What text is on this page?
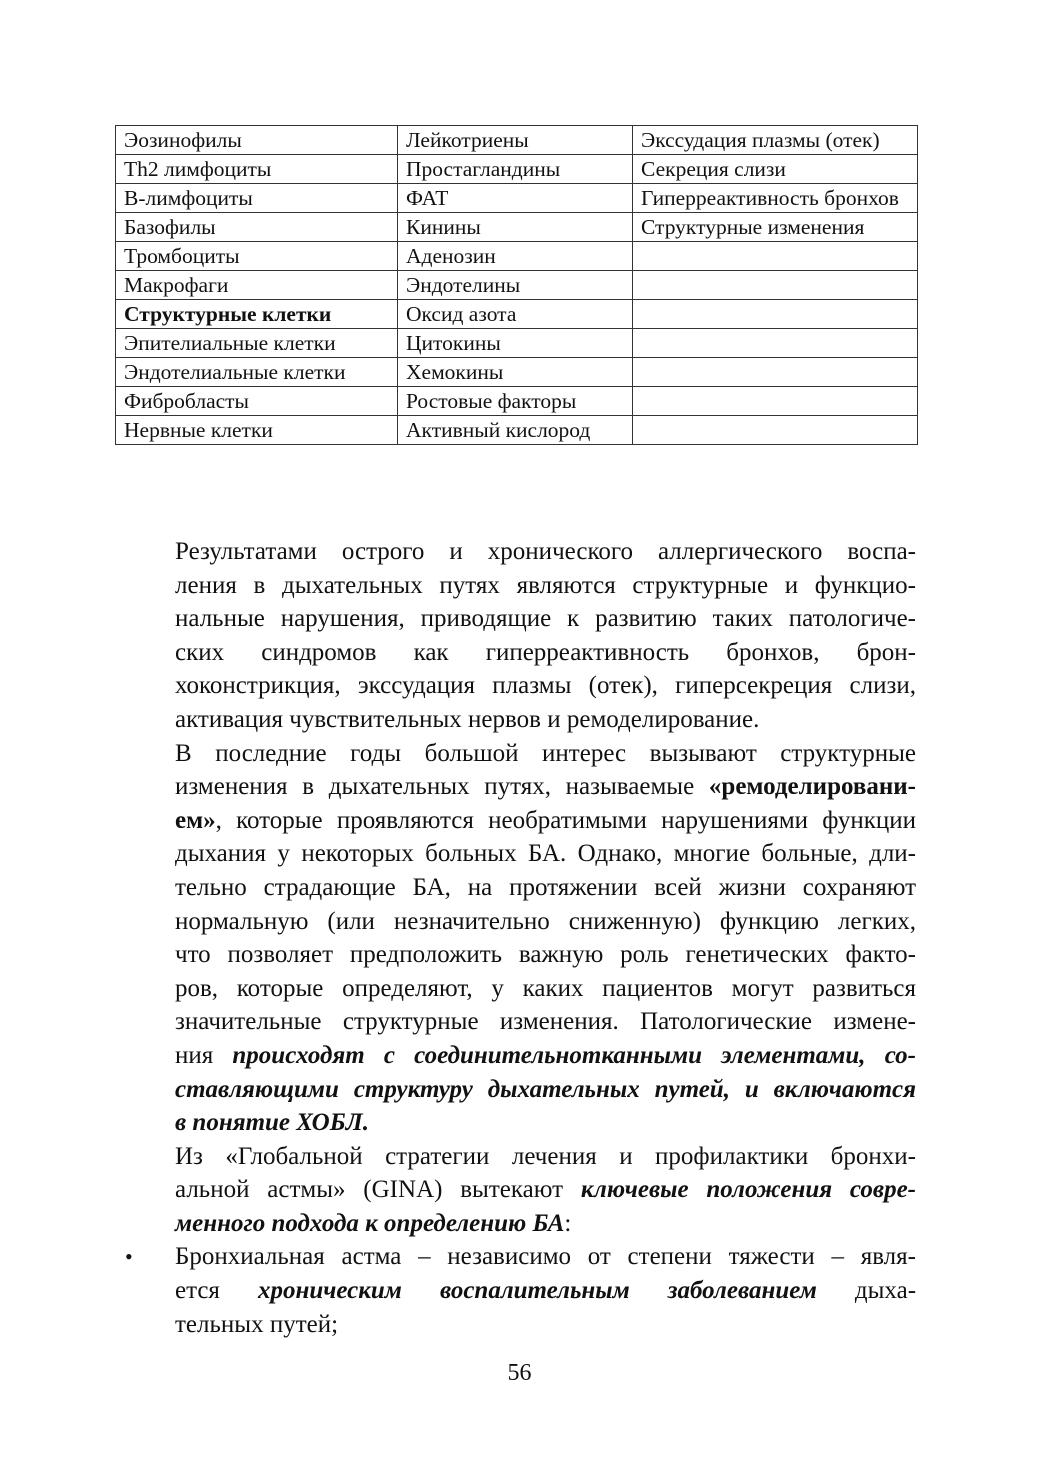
Эозинофилы	Лейкотриены	Экссудация плазмы (отек)
Th2 лимфоциты	Простагландины	Секреция слизи
B-лимфоциты	ФАТ	Гиперреактивность бронхов
Базофилы	Кинины	Структурные изменения
Тромбоциты	Аденозин	
Макрофаги	Эндотелины	
Структурные клетки	Оксид азота	
Эпителиальные клетки	Цитокины	
Эндотелиальные клетки	Хемокины	
Фибробласты	Ростовые факторы	
Нервные клетки	Активный кислород	

Результатами острого и хронического аллергического воспа-
ления в дыхательных путях являются структурные и функцио-
нальные нарушения, приводящие к развитию таких патологиче-
ских синдромов как гиперреактивность бронхов, брон-
хоконстрикция, экссудация плазмы (отек), гиперсекреция слизи,
активация чувствительных нервов и ремоделирование.

В последние годы большой интерес вызывают структурные
изменения в дыхательных путях, называемые «ремоделировани-
ем», которые проявляются необратимыми нарушениями функции
дыхания у некоторых больных БА. Однако, многие больные, дли-
тельно страдающие БА, на протяжении всей жизни сохраняют
нормальную (или незначительно сниженную) функцию легких,
что позволяет предположить важную роль генетических факто-
ров, которые определяют, у каких пациентов могут развиться
значительные структурные изменения. Патологические измене-
ния происходят с соединительнотканными элементами, со-
ставляющими структуру дыхательных путей, и включаются
в понятие ХОБЛ.

Из «Глобальной стратегии лечения и профилактики бронхи-
альной астмы» (GINA) вытекают ключевые положения совре-
менного подхода к определению БА:

• Бронхиальная астма – независимо от степени тяжести – явля-
ется хроническим воспалительным заболеванием дыха-
тельных путей;
56
